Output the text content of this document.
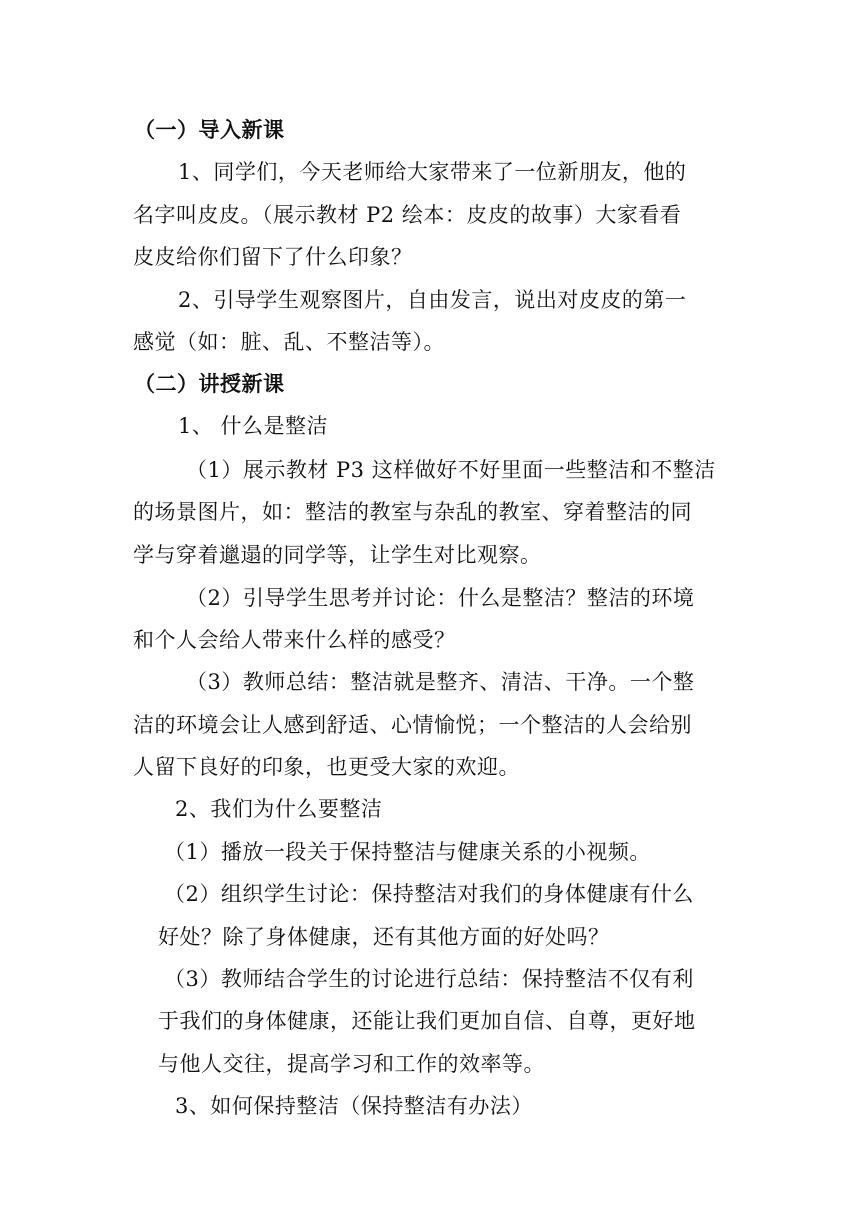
（一）导入新课
1、同学们，今天老师给大家带来了一位新朋友，他的
名字叫皮皮。（展示教材 P2 绘本：皮皮的故事）大家看看
皮皮给你们留下了什么印象？
2、引导学生观察图片，自由发言，说出对皮皮的第一
感觉（如：脏、乱、不整洁等）。
（二）讲授新课
1、 什么是整洁
（1）展示教材 P3 这样做好不好里面一些整洁和不整洁
的场景图片，如：整洁的教室与杂乱的教室、穿着整洁的同
学与穿着邋遢的同学等，让学生对比观察。
（2）引导学生思考并讨论：什么是整洁？整洁的环境
和个人会给人带来什么样的感受？
（3）教师总结：整洁就是整齐、清洁、干净。一个整
洁的环境会让人感到舒适、心情愉悦；一个整洁的人会给别
人留下良好的印象，也更受大家的欢迎。
2、我们为什么要整洁
（1）播放一段关于保持整洁与健康关系的小视频。
（2）组织学生讨论：保持整洁对我们的身体健康有什么
好处？除了身体健康，还有其他方面的好处吗？
（3）教师结合学生的讨论进行总结：保持整洁不仅有利
于我们的身体健康，还能让我们更加自信、自尊，更好地
与他人交往，提高学习和工作的效率等。
3、如何保持整洁（保持整洁有办法）
